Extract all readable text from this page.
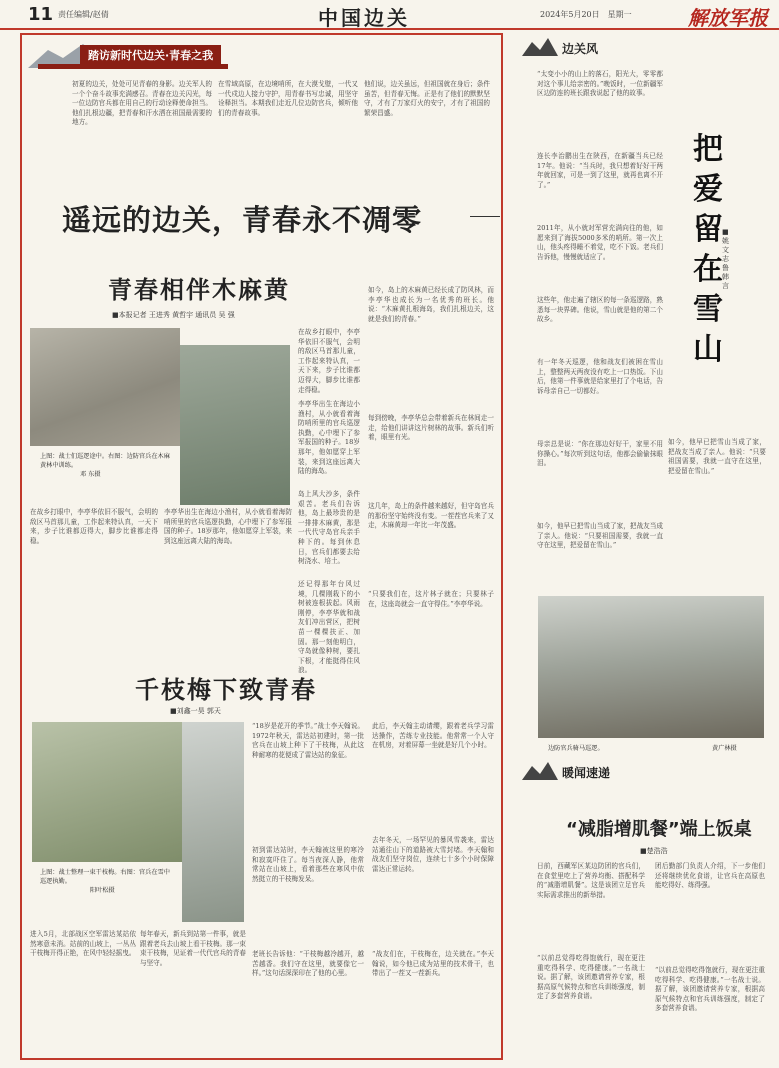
11 责任编辑/赵倩	中国边关	2024年5月20日　星期一	解放军报
踏访新时代边关·青春之我
初夏的边关，处处可见青春的身影。边关军人的一个个奋斗故事充满感召。青春在边关闪光，每一位边防官兵都在用自己的行动诠释使命担当。他们扎根边疆，把青春和汗水洒在祖国最需要的地方。
在雪域高原，在边境哨所，在大漠戈壁，一代又一代戍边人接力守护，用青春书写忠诚，用坚守诠释担当。本期我们走近几位边防官兵，倾听他们的青春故事。
他们说，边关虽远，但祖国就在身后；条件虽苦，但青春无悔。正是有了他们的默默坚守，才有了万家灯火的安宁，才有了祖国的繁荣昌盛。
遥远的边关，青春永不凋零
青春相伴木麻黄
■本报记者 王进秀 黄哲宇 通讯员 吴 强
上图：战士们巡逻途中。右图：边防官兵在木麻黄林中训练。
邓 东摄
在故乡打眼中，李亭华依旧不服气，会明的敌区马首那儿童，工作起来特认真，一天下来，步子比谁都迈得大，脚步比谁都走得稳。
李亭华出生在海边小渔村，从小就看着海防哨所里的官兵巡逻执勤，心中埋下了参军报国的种子。18岁那年，他如愿穿上军装，来到这座远离大陆的海岛。
岛上风大沙多，条件艰苦。老兵们告诉他，岛上最珍贵的是一排排木麻黄，那是一代代守岛官兵亲手种下的。每到休息日，官兵们都要去给树浇水、培土。
还记得那年台风过境，几棵刚栽下的小树被连根拔起。风雨刚停，李亭华就和战友们冲出营区，把树苗一棵棵扶正、加固。那一刻他明白，守岛就像种树，要扎下根，才能挺得住风浪。
如今，岛上的木麻黄已经长成了防风林，而李亭华也成长为一名优秀的班长。他说：“木麻黄扎根海岛，我们扎根边关，这就是我们的青春。”
每到傍晚，李亭华总会带着新兵在林间走一走，给他们讲讲这片树林的故事。新兵们听着，眼里有光。
这几年，岛上的条件越来越好，但守岛官兵的那份坚守始终没有变。一茬茬官兵来了又走，木麻黄却一年比一年茂盛。
“只要我们在，这片林子就在；只要林子在，这座岛就会一直守得住。”李亭华说。
在故乡打眼中，李亭华依旧不服气，会明的敌区马首那儿童，工作起来特认真，一天下来，步子比谁都迈得大，脚步比谁都走得稳。
李亭华出生在海边小渔村，从小就看着海防哨所里的官兵巡逻执勤，心中埋下了参军报国的种子。18岁那年，他如愿穿上军装，来到这座远离大陆的海岛。
千枝梅下致青春
■刘鑫一昊 郭天
上图：战士整理一束干枝梅。右图：官兵在雪中巡逻执勤。
阳叶松摄
“18岁是花开的季节。”战士李天翰说。1972年秋天，雷达站初建时，第一批官兵在山坡上种下了干枝梅，从此这种耐寒的花便成了雷达站的象征。
初到雷达站时，李天翰被这里的寒冷和寂寞吓住了。每当夜深人静，他常常站在山坡上，看着那些在寒风中依然挺立的干枝梅发呆。
老班长告诉他：“干枝梅越冷越开，越苦越香。我们守在这里，就要像它一样。”这句话深深印在了他的心里。
此后，李天翰主动请缨，跟着老兵学习雷达操作，苦练专业技能。他常常一个人守在机房，对着屏幕一坐就是好几个小时。
去年冬天，一场罕见的暴风雪袭来，雷达站通往山下的道路被大雪封堵。李天翰和战友们坚守岗位，连续七十多个小时保障雷达正常运转。
“战友们在，干枝梅在，边关就在。”李天翰说，如今他已成为站里的技术骨干，也带出了一茬又一茬新兵。
进入5月，北部战区空军雷达某站依然寒意未消。站前的山坡上，一丛丛干枝梅开得正艳，在风中轻轻摇曳。
每年春天，新兵到站第一件事，就是跟着老兵去山坡上看干枝梅。那一束束干枝梅，见证着一代代官兵的青春与坚守。
边关风
“太变小小的山上的落石，阳光大，零零都对这个事儿给亲密的。”晚饭时，一位新疆军区边防连的班长跟我说起了他的故事。
连长李治鹏出生在陕西，在新疆当兵已经17年。他说：“当兵时，我只想着好好干两年就回家，可是一到了这里，就再也离不开了。”
2011年，从小就对军营充满向往的他，如愿来到了海拔5000多米的哨所。第一次上山，他头疼得睡不着觉，吃不下饭。老兵们告诉他，慢慢就适应了。
这些年，他走遍了辖区的每一条巡逻路，熟悉每一块界碑。他说，雪山就是他的第二个故乡。
有一年冬天巡逻，他和战友们被困在雪山上，整整两天两夜没有吃上一口热饭。下山后，他第一件事就是给家里打了个电话，告诉母亲自己一切都好。
母亲总是说：“你在那边好好干，家里不用你操心。”每次听到这句话，他都会偷偷抹眼泪。
如今，他早已把雪山当成了家，把战友当成了亲人。他说：“只要祖国需要，我就一直守在这里，把爱留在雪山。”
如今，他早已把雪山当成了家，把战友当成了亲人。他说：“只要祖国需要，我就一直守在这里，把爱留在雪山。”
把爱留在雪山
■姚文志 鲁韩言
边防官兵骑马巡逻。	黄广林摄
暖闻速递
“减脂增肌餐”端上饭桌
■楚浩浩
日前，西藏军区某边防团的官兵们，在食堂里吃上了营养均衡、搭配科学的“减脂增肌餐”。这是该团立足官兵实际需求推出的新举措。
“以前总觉得吃得饱就行，现在更注重吃得科学、吃得健康。”一名战士说。据了解，该团邀请营养专家，根据高原气候特点和官兵训练强度，制定了多套营养食谱。
团后勤部门负责人介绍，下一步他们还将继续优化食谱，让官兵在高原也能吃得好、练得强。
“以前总觉得吃得饱就行，现在更注重吃得科学、吃得健康。”一名战士说。据了解，该团邀请营养专家，根据高原气候特点和官兵训练强度，制定了多套营养食谱。
